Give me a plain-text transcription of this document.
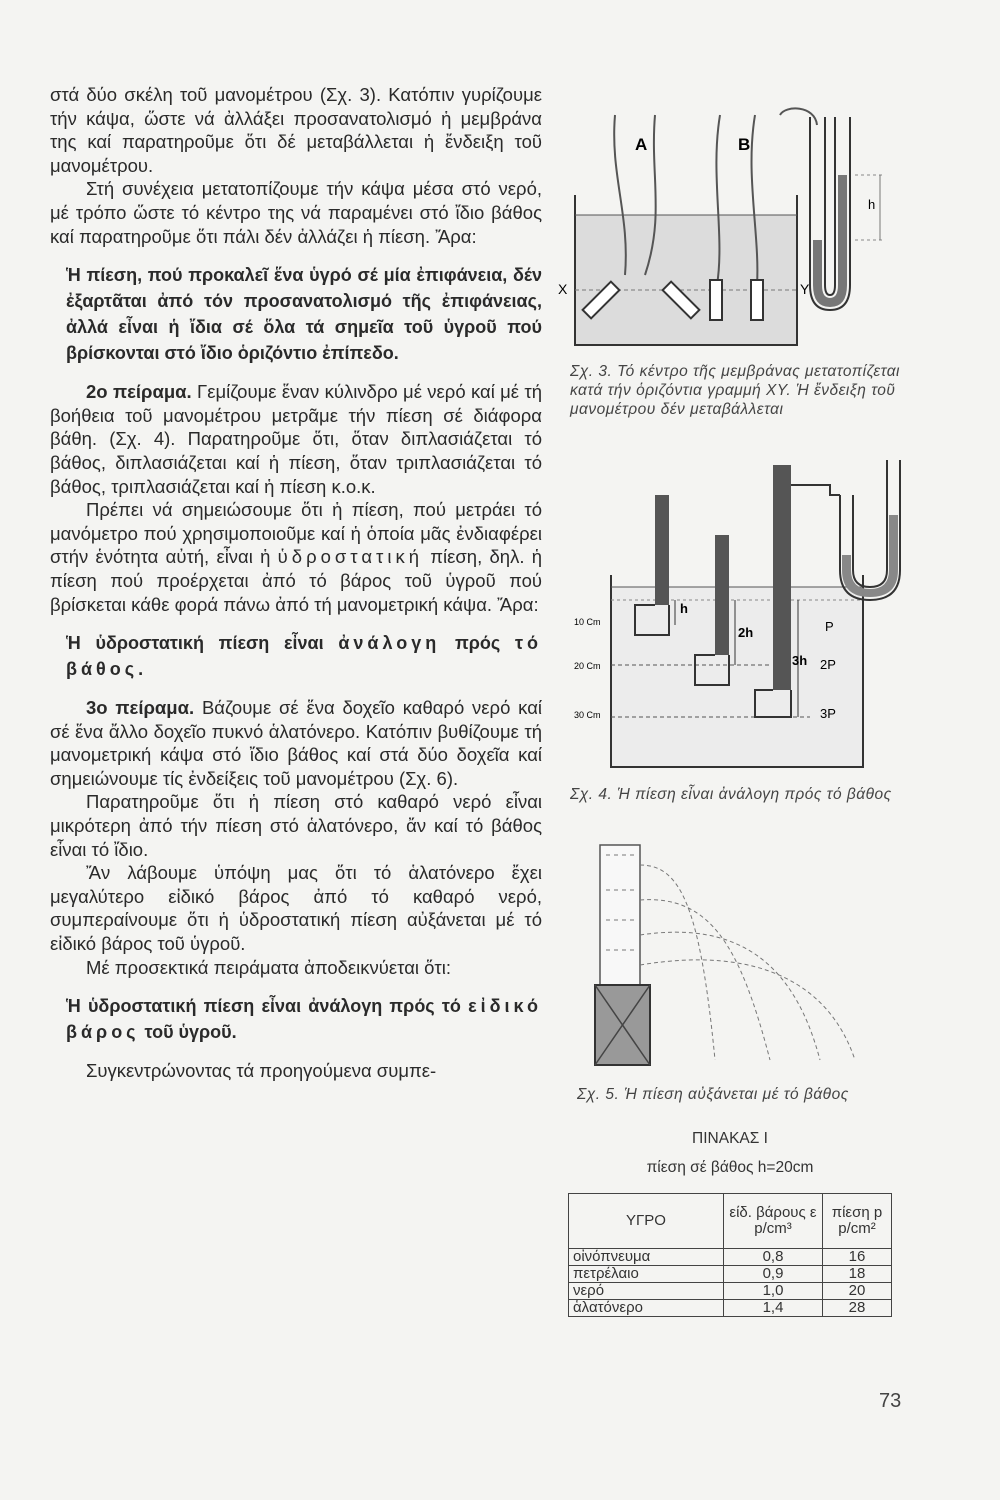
στά δύο σκέλη τοῦ μανομέτρου (Σχ. 3). Κατόπιν γυρίζουμε τήν κάψα, ὥστε νά ἀλλάξει προσανατολισμό ἡ μεμβράνα της καί παρατηροῦμε ὅτι δέ μεταβάλλεται ἡ ἔνδειξη τοῦ μανομέτρου.

Στή συνέχεια μετατοπίζουμε τήν κάψα μέσα στό νερό, μέ τρόπο ὥστε τό κέντρο της νά παραμένει στό ἴδιο βάθος καί παρατηροῦμε ὅτι πάλι δέν ἀλλάζει ἡ πίεση. Ἄρα:

Ἡ πίεση, πού προκαλεῖ ἕνα ὑγρό σέ μία ἐπιφάνεια, δέν ἐξαρτᾶται ἀπό τόν προσανατολισμό τῆς ἐπιφάνειας, ἀλλά εἶναι ἡ ἴδια σέ ὅλα τά σημεῖα τοῦ ὑγροῦ πού βρίσκονται στό ἴδιο ὁριζόντιο ἐπίπεδο.

2ο πείραμα. Γεμίζουμε ἕναν κύλινδρο μέ νερό καί μέ τή βοήθεια τοῦ μανομέτρου μετρᾶμε τήν πίεση σέ διάφορα βάθη. (Σχ. 4). Παρατηροῦμε ὅτι, ὅταν διπλασιάζεται τό βάθος, διπλασιάζεται καί ἡ πίεση, ὅταν τριπλασιάζεται τό βάθος, τριπλασιάζεται καί ἡ πίεση κ.ο.κ.

Πρέπει νά σημειώσουμε ὅτι ἡ πίεση, πού μετράει τό μανόμετρο πού χρησιμοποιοῦμε καί ἡ ὁποία μᾶς ἐνδιαφέρει στήν ἑνότητα αὐτή, εἶναι ἡ ὑδροστατική πίεση, δηλ. ἡ πίεση πού προέρχεται ἀπό τό βάρος τοῦ ὑγροῦ πού βρίσκεται κάθε φορά πάνω ἀπό τή μανομετρική κάψα. Ἄρα:

Ἡ ὑδροστατική πίεση εἶναι ἀνάλογη πρός τό βάθος.

3ο πείραμα. Βάζουμε σέ ἕνα δοχεῖο καθαρό νερό καί σέ ἕνα ἄλλο δοχεῖο πυκνό ἁλατόνερο. Κατόπιν βυθίζουμε τή μανομετρική κάψα στό ἴδιο βάθος καί στά δύο δοχεῖα καί σημειώνουμε τίς ἐνδείξεις τοῦ μανομέτρου (Σχ. 6).

Παρατηροῦμε ὅτι ἡ πίεση στό καθαρό νερό εἶναι μικρότερη ἀπό τήν πίεση στό ἁλατόνερο, ἄν καί τό βάθος εἶναι τό ἴδιο.

Ἄν λάβουμε ὑπόψη μας ὅτι τό ἁλατόνερο ἔχει μεγαλύτερο εἰδικό βάρος ἀπό τό καθαρό νερό, συμπεραίνουμε ὅτι ἡ ὑδροστατική πίεση αὐξάνεται μέ τό εἰδικό βάρος τοῦ ὑγροῦ.

Μέ προσεκτικά πειράματα ἀποδεικνύεται ὅτι:

Ἡ ὑδροστατική πίεση εἶναι ἀνάλογη πρός τό εἰδικό βάρος τοῦ ὑγροῦ.

Συγκεντρώνοντας τά προηγούμενα συμπε-

A	B
X	Y
h
Σχ. 3. Τό κέντρο τῆς μεμβράνας μετατοπίζεται κατά τήν ὁριζόντια γραμμή ΧΥ. Ἡ ἔνδειξη τοῦ μανομέτρου δέν μεταβάλλεται
10 Cm
20 Cm
30 Cm
h
2h
3h
P
2P
3P
Σχ. 4. Ἡ πίεση εἶναι ἀνάλογη πρός τό βάθος
Σχ. 5. Ἡ πίεση αὐξάνεται μέ τό βάθος
ΠΙΝΑΚΑΣ Ι
πίεση σέ βάθος h=20cm
ΥΓΡΟ	είδ. βάρους ε p/cm³	πίεση p p/cm²
οἰνόπνευμα	0,8	16
πετρέλαιο	0,9	18
νερό	1,0	20
ἁλατόνερο	1,4	28
73
